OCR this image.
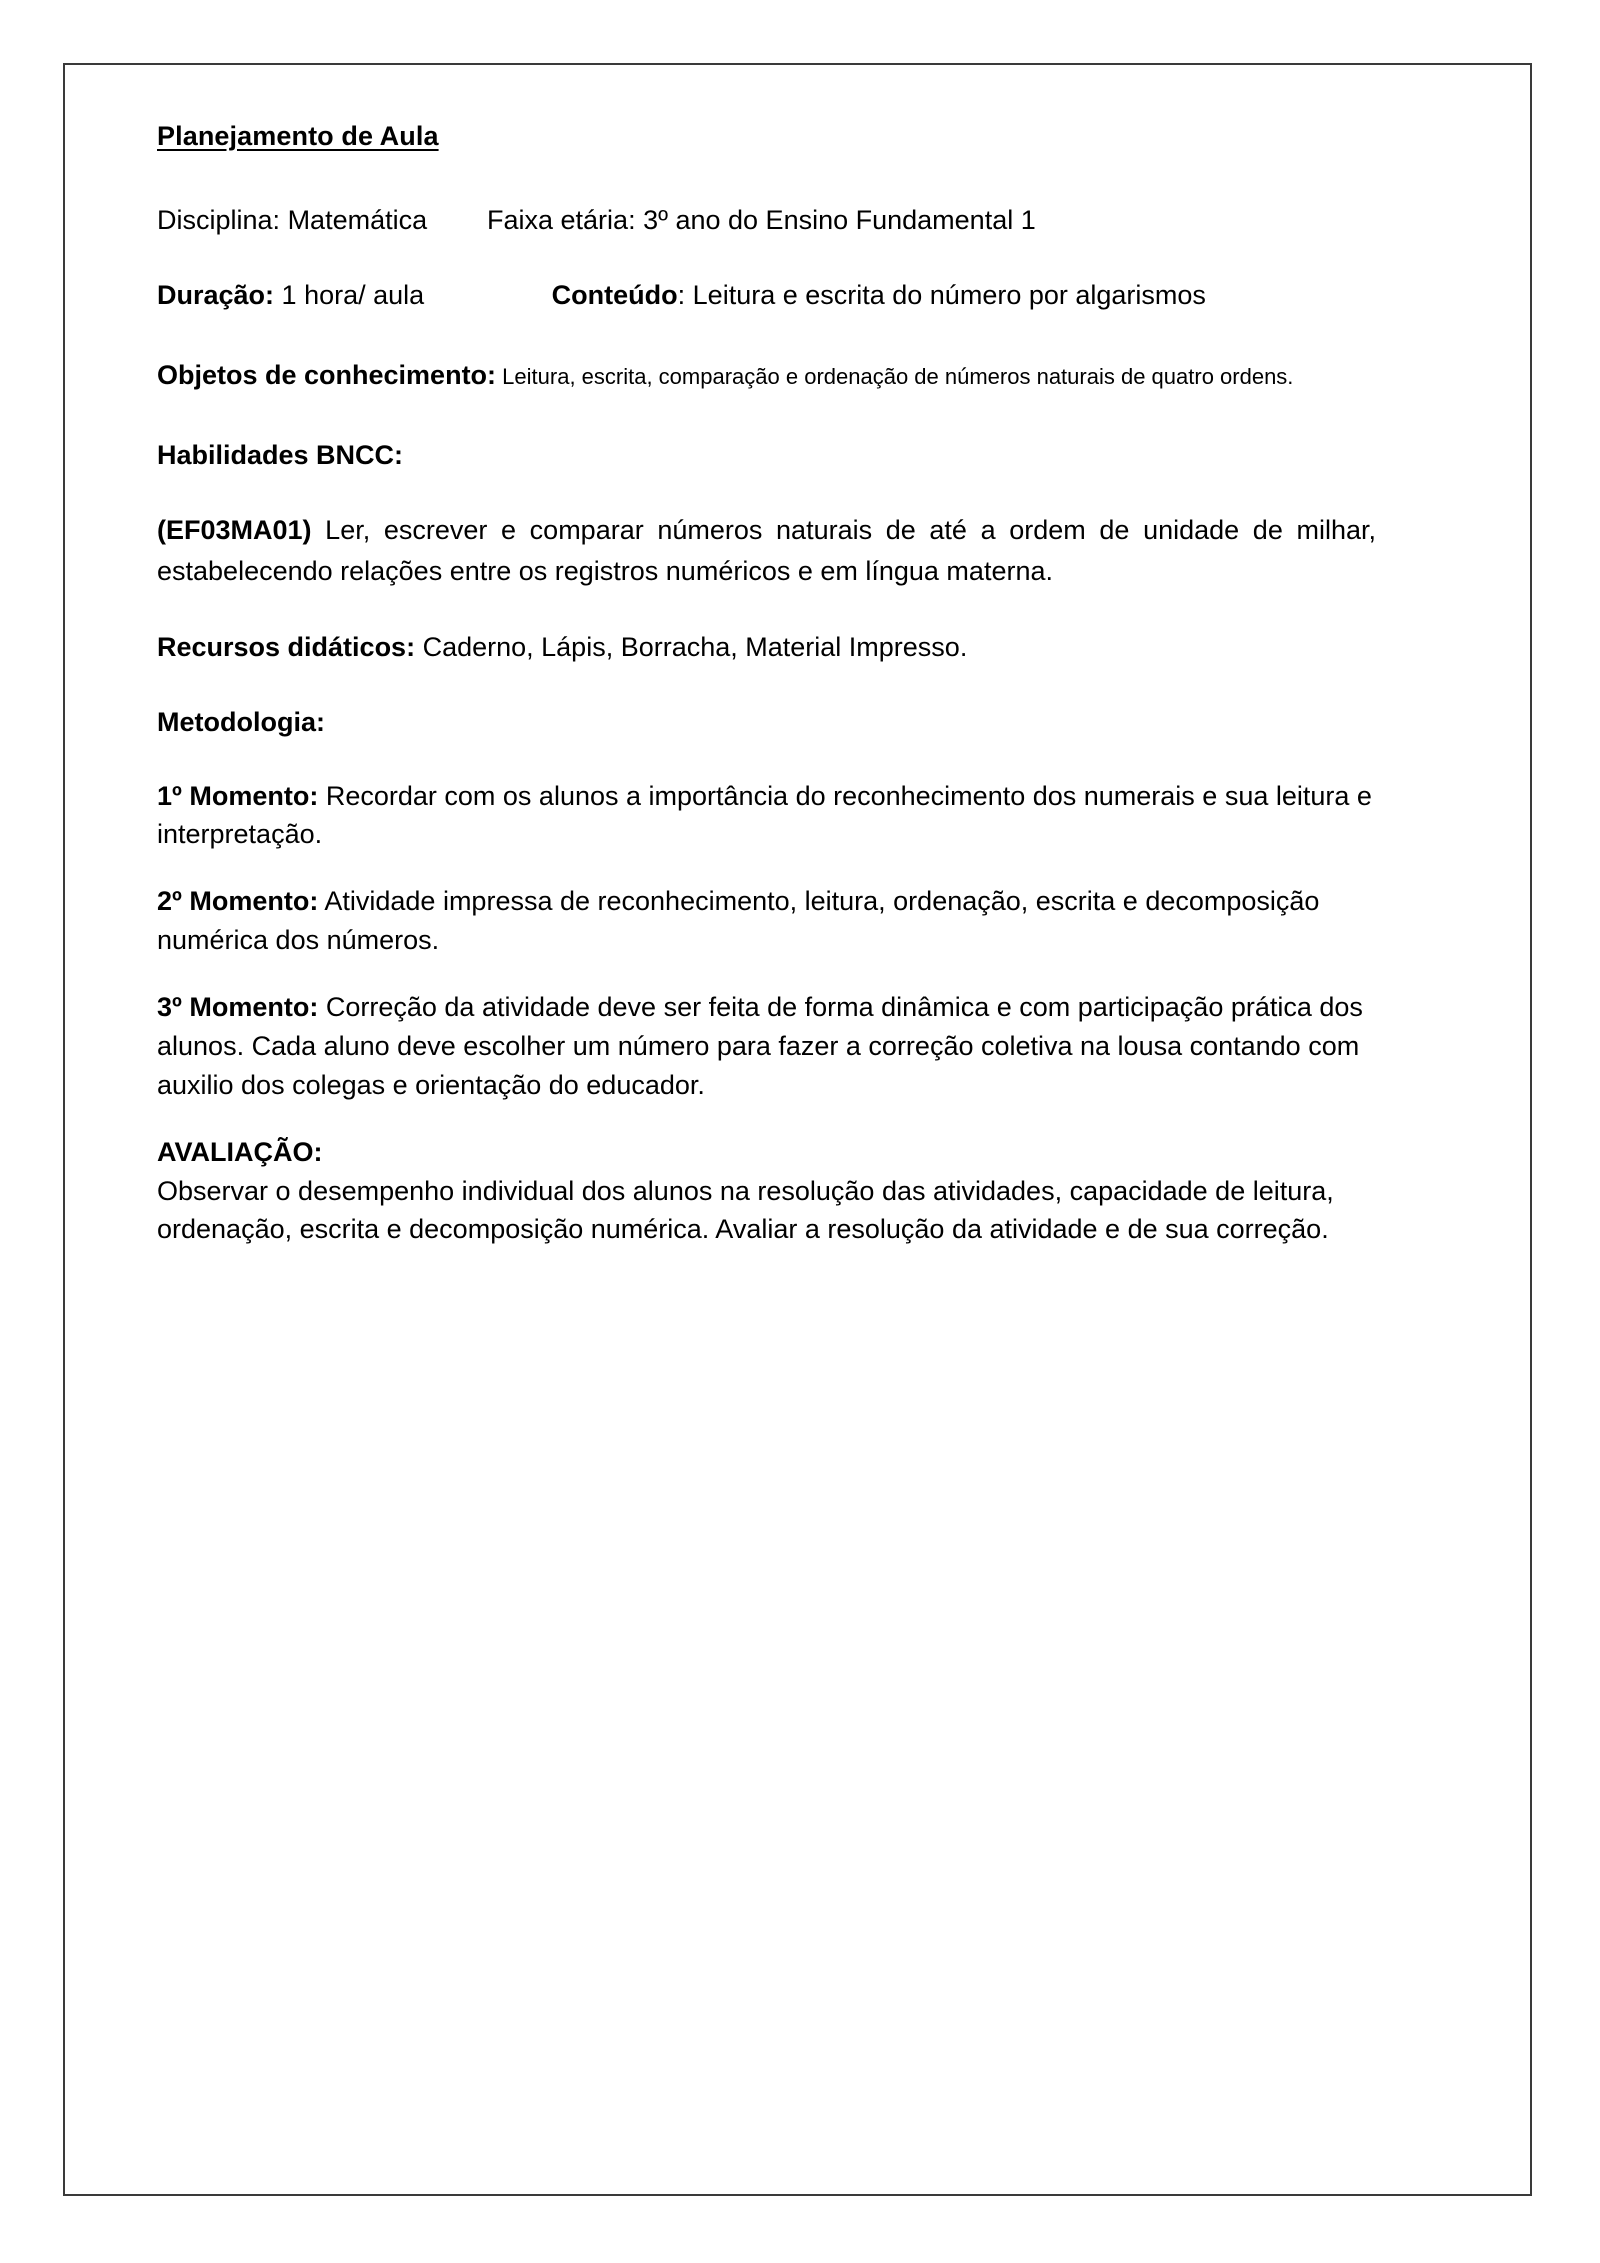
Planejamento de Aula
Disciplina: Matemática	Faixa etária: 3º ano do Ensino Fundamental 1
Duração: 1 hora/ aula	Conteúdo: Leitura e escrita do número por algarismos
Objetos de conhecimento: Leitura, escrita, comparação e ordenação de números naturais de quatro ordens.
Habilidades BNCC:
(EF03MA01) Ler, escrever e comparar números naturais de até a ordem de unidade de milhar, estabelecendo relações entre os registros numéricos e em língua materna.
Recursos didáticos: Caderno, Lápis, Borracha, Material Impresso.
Metodologia:
1º Momento: Recordar com os alunos a importância do reconhecimento dos numerais e sua leitura e interpretação.
2º Momento: Atividade impressa de reconhecimento, leitura, ordenação, escrita e decomposição numérica dos números.
3º Momento: Correção da atividade deve ser feita de forma dinâmica e com participação prática dos alunos. Cada aluno deve escolher um número para fazer a correção coletiva na lousa contando com auxilio dos colegas e orientação do educador.
AVALIAÇÃO:
Observar o desempenho individual dos alunos na resolução das atividades, capacidade de leitura, ordenação, escrita e decomposição numérica. Avaliar a resolução da atividade e de sua correção.
